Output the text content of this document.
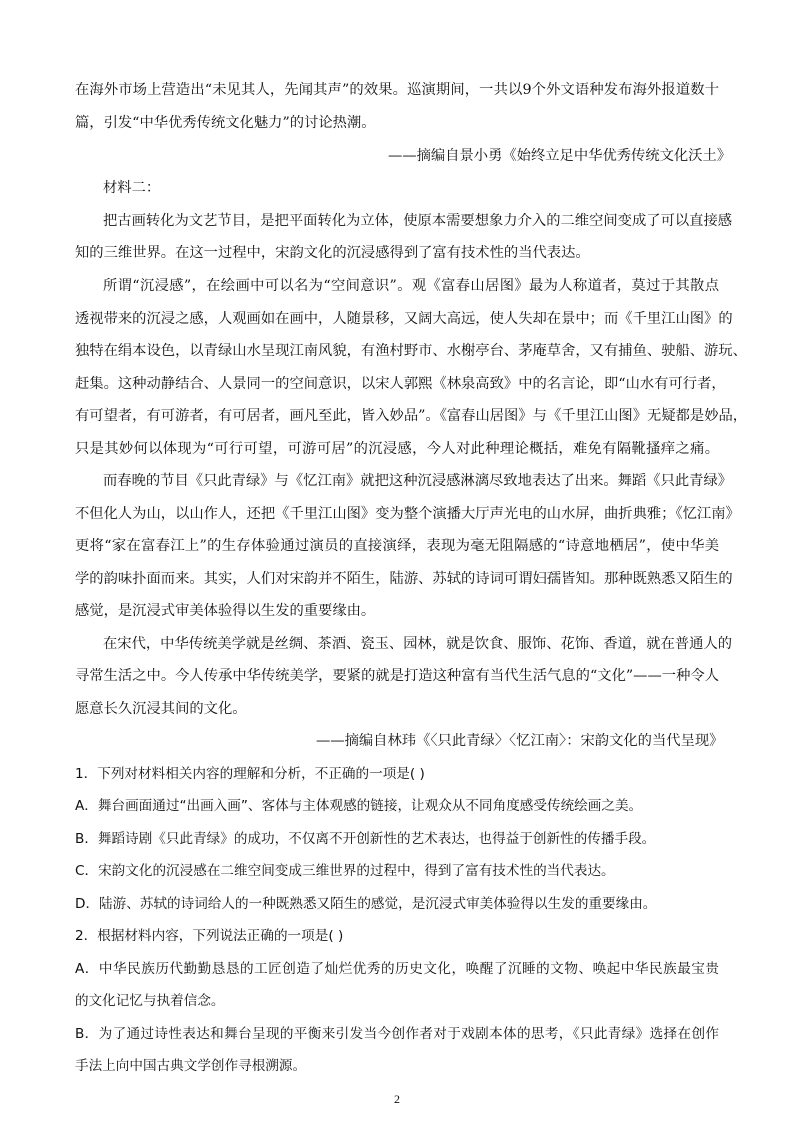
在海外市场上营造出“未见其人，先闻其声”的效果。巡演期间，一共以9个外文语种发布海外报道数十
篇，引发“中华优秀传统文化魅力”的讨论热潮。
——摘编自景小勇《始终立足中华优秀传统文化沃土》
材料二：
把古画转化为文艺节目，是把平面转化为立体，使原本需要想象力介入的二维空间变成了可以直接感
知的三维世界。在这一过程中，宋韵文化的沉浸感得到了富有技术性的当代表达。
所谓“沉浸感”，在绘画中可以名为“空间意识”。观《富春山居图》最为人称道者，莫过于其散点
透视带来的沉浸之感，人观画如在画中，人随景移，又阔大高远，使人失却在景中；而《千里江山图》的
独特在绢本设色，以青绿山水呈现江南风貌，有渔村野市、水榭亭台、茅庵草舍，又有捕鱼、驶船、游玩、
赶集。这种动静结合、人景同一的空间意识，以宋人郭熙《林泉高致》中的名言论，即“山水有可行者，
有可望者，有可游者，有可居者，画凡至此，皆入妙品”。《富春山居图》与《千里江山图》无疑都是妙品，
只是其妙何以体现为“可行可望，可游可居”的沉浸感，今人对此种理论概括，难免有隔靴搔痒之痛。
而春晚的节目《只此青绿》与《忆江南》就把这种沉浸感淋漓尽致地表达了出来。舞蹈《只此青绿》
不但化人为山，以山作人，还把《千里江山图》变为整个演播大厅声光电的山水屏，曲折典雅；《忆江南》
更将“家在富春江上”的生存体验通过演员的直接演绎，表现为毫无阻隔感的“诗意地栖居”，使中华美
学的韵味扑面而来。其实，人们对宋韵并不陌生，陆游、苏轼的诗词可谓妇孺皆知。那种既熟悉又陌生的
感觉，是沉浸式审美体验得以生发的重要缘由。
在宋代，中华传统美学就是丝绸、茶酒、瓷玉、园林，就是饮食、服饰、花饰、香道，就在普通人的
寻常生活之中。今人传承中华传统美学，要紧的就是打造这种富有当代生活气息的“文化”——一种令人
愿意长久沉浸其间的文化。
——摘编自林玮《〈只此青绿〉〈忆江南〉：宋韵文化的当代呈现》
1．下列对材料相关内容的理解和分析，不正确的一项是( )
A．舞台画面通过“出画入画”、客体与主体观感的链接，让观众从不同角度感受传统绘画之美。
B．舞蹈诗剧《只此青绿》的成功，不仅离不开创新性的艺术表达，也得益于创新性的传播手段。
C．宋韵文化的沉浸感在二维空间变成三维世界的过程中，得到了富有技术性的当代表达。
D．陆游、苏轼的诗词给人的一种既熟悉又陌生的感觉，是沉浸式审美体验得以生发的重要缘由。
2．根据材料内容，下列说法正确的一项是( )
A．中华民族历代勤勤恳恳的工匠创造了灿烂优秀的历史文化，唤醒了沉睡的文物、唤起中华民族最宝贵
的文化记忆与执着信念。
B．为了通过诗性表达和舞台呈现的平衡来引发当今创作者对于戏剧本体的思考，《只此青绿》选择在创作
手法上向中国古典文学创作寻根溯源。
2
